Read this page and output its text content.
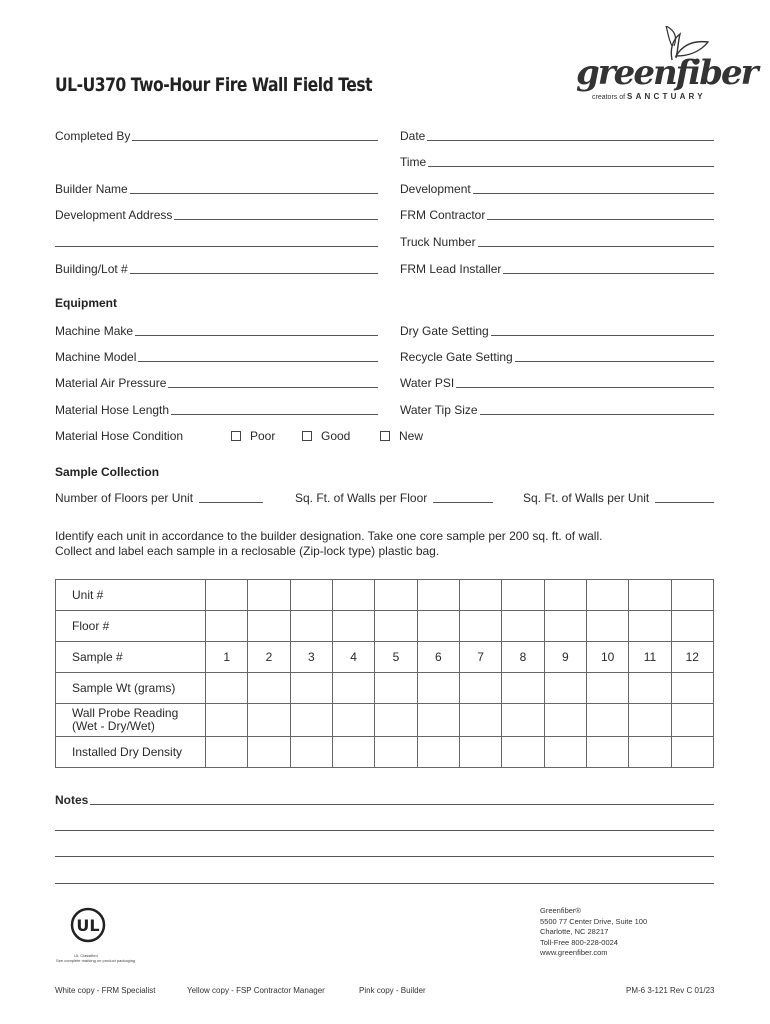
UL-U370 Two-Hour Fire Wall Field Test	greenfiber
creators of SANCTUARY
Completed By
Builder Name
Development Address
Building/Lot #
Date
Time
Development
FRM Contractor
Truck Number
FRM Lead Installer
Equipment
Machine Make
Machine Model
Material Air Pressure
Material Hose Length
Dry Gate Setting
Recycle Gate Setting
Water PSI
Water Tip Size
Material Hose Condition	Poor	Good	New
Sample Collection
Number of Floors per Unit	Sq. Ft. of Walls per Floor	Sq. Ft. of Walls per Unit
Identify each unit in accordance to the builder designation. Take one core sample per 200 sq. ft. of wall.
Collect and label each sample in a reclosable (Zip-lock type) plastic bag.
Unit #												
Floor #												
Sample #	1	2	3	4	5	6	7	8	9	10	11	12
Sample Wt (grams)												
Wall Probe Reading
(Wet - Dry/Wet)												
Installed Dry Density												
Notes
UL
UL Classified
See complete marking on product packaging
Greenfiber®
5500 77 Center Drive, Suite 100
Charlotte, NC 28217
Toll-Free 800-228-0024
www.greenfiber.com
White copy - FRM Specialist	Yellow copy - FSP Contractor Manager	Pink copy - Builder	PM-6 3-121 Rev C 01/23
